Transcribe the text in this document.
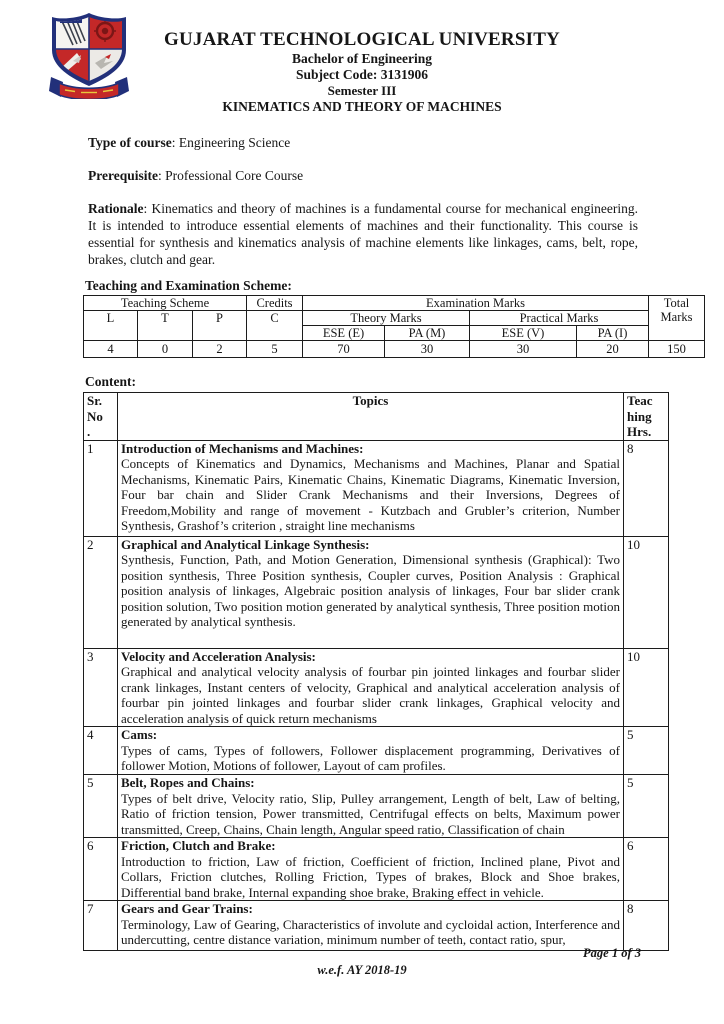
GUJARAT TECHNOLOGICAL UNIVERSITY
Bachelor of Engineering
Subject Code: 3131906
Semester III
KINEMATICS AND THEORY OF MACHINES

Type of course: Engineering Science

Prerequisite: Professional Core Course

Rationale: Kinematics and theory of machines is a fundamental course for mechanical engineering. It is intended to introduce essential elements of machines and their functionality. This course is essential for synthesis and kinematics analysis of machine elements like linkages, cams, belt, rope, brakes, clutch and gear.

Teaching and Examination Scheme:
Teaching Scheme			Credits	Examination Marks				Total Marks
L	T	P	C	Theory Marks		Practical Marks		
				ESE (E)	PA (M)	ESE (V)	PA (I)	
4	0	2	5	70	30	30	20	150
Content:
Sr.
No
.	Topics	Teac
hing
Hrs.

1	Introduction of Mechanisms and Machines:
Concepts of Kinematics and Dynamics, Mechanisms and Machines, Planar and Spatial Mechanisms, Kinematic Pairs, Kinematic Chains, Kinematic Diagrams, Kinematic Inversion, Four bar chain and Slider Crank Mechanisms and their Inversions, Degrees of Freedom,Mobility and range of movement - Kutzbach and Grubler’s criterion, Number Synthesis, Grashof’s criterion , straight line mechanisms	8
2	Graphical and Analytical Linkage Synthesis:
Synthesis, Function, Path, and Motion Generation, Dimensional synthesis (Graphical): Two position synthesis, Three Position synthesis, Coupler curves, Position Analysis : Graphical position analysis of linkages, Algebraic position analysis of linkages, Four bar slider crank position solution, Two position motion generated by analytical synthesis, Three position motion generated by analytical synthesis.	10
3	Velocity and Acceleration Analysis:
Graphical and analytical velocity analysis of fourbar pin jointed linkages and fourbar slider crank linkages, Instant centers of velocity, Graphical and analytical acceleration analysis of fourbar pin jointed linkages and fourbar slider crank linkages, Graphical velocity and acceleration analysis of quick return mechanisms	10
4	Cams:
Types of cams, Types of followers, Follower displacement programming, Derivatives of follower Motion, Motions of follower, Layout of cam profiles.	5
5	Belt, Ropes and Chains:
Types of belt drive, Velocity ratio, Slip, Pulley arrangement, Length of belt, Law of belting, Ratio of friction tension, Power transmitted, Centrifugal effects on belts, Maximum power transmitted, Creep, Chains, Chain length, Angular speed ratio, Classification of chain	5
6	Friction, Clutch and Brake:
Introduction to friction, Law of friction, Coefficient of friction, Inclined plane, Pivot and Collars, Friction clutches, Rolling Friction, Types of brakes, Block and Shoe brakes, Differential band brake, Internal expanding shoe brake, Braking effect in vehicle.	6
7	Gears and Gear Trains:
Terminology, Law of Gearing, Characteristics of involute and cycloidal action, Interference and undercutting, centre distance variation, minimum number of teeth, contact ratio, spur,	8
Page 1 of 3
w.e.f. AY 2018-19
